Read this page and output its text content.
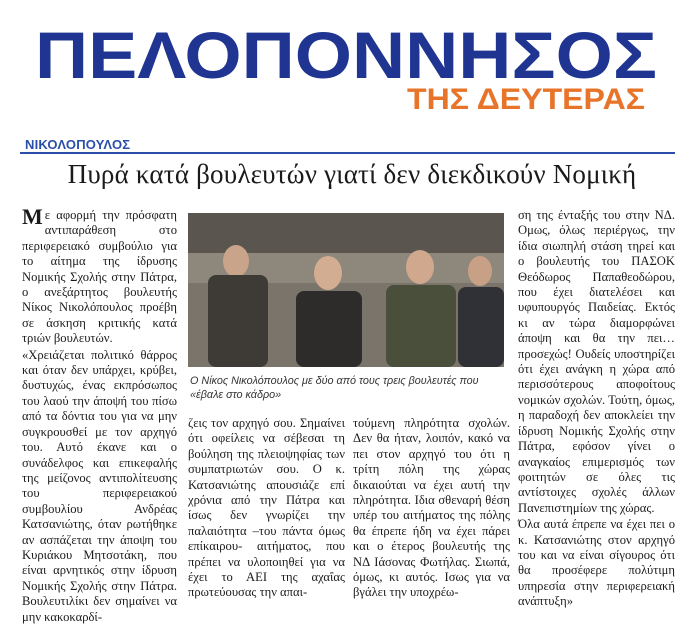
ΠΕΛΟΠΟΝΝΗΣΟΣ
ΤΗΣ ΔΕΥΤΕΡΑΣ
ΝΙΚΟΛΟΠΟΥΛΟΣ
Πυρά κατά βουλευτών γιατί δεν διεκδικούν Νομική

Με αφορμή την πρόσφατη αντιπαράθεση στο περιφερειακό συμβούλιο για το αίτημα της ίδρυσης Νομικής Σχολής στην Πάτρα, ο ανεξάρτητος βουλευτής Νίκος Νικολόπουλος προέβη σε άσκηση κριτικής κατά τριών βουλευτών.

«Χρειάζεται πολιτικό θάρρος και όταν δεν υπάρχει, κρύβει, δυστυχώς, ένας εκπρόσωπος του λαού την άποψή του πίσω από τα δόντια του για να μην συγκρουσθεί με τον αρχηγό του. Αυτό έκανε και ο συνάδελφος και επικεφαλής της μείζονος αντιπολίτευσης του περιφερειακού συμβουλίου Ανδρέας Κατσανιώτης, όταν ρωτήθηκε αν ασπάζεται την άποψη του Κυριάκου Μητσοτάκη, που είναι αρνητικός στην ίδρυση Νομικής Σχολής στην Πάτρα. Βουλευτιλίκι δεν σημαίνει να μην κακοκαρδί-

Ο Νίκος Νικολόπουλος με δύο από τους τρεις βουλευτές που «έβαλε στο κάδρο»

ζεις τον αρχηγό σου. Σημαίνει ότι οφείλεις να σέβεσαι τη βούληση της πλειοψηφίας των συμπατριωτών σου. Ο κ. Κατσανιώτης απουσιάζε επί χρόνια από την Πάτρα και ίσως δεν γνωρίζει την παλαιότητα –του πάντα όμως επίκαιρου- αιτήματος, που πρέπει να υλοποιηθεί για να έχει το ΑΕΙ της αχαΐας πρωτεύουσας την απαι-

τούμενη πληρότητα σχολών. Δεν θα ήταν, λοιπόν, κακό να πει στον αρχηγό του ότι η τρίτη πόλη της χώρας δικαιούται να έχει αυτή την πληρότητα. Ιδια σθεναρή θέση υπέρ του αιτήματος της πόλης θα έπρεπε ήδη να έχει πάρει και ο έτερος βουλευτής της ΝΔ Ιάσονας Φωτήλας. Σιωπά, όμως, κι αυτός. Ισως για να βγάλει την υποχρέω-

ση της ένταξής του στην ΝΔ. Ομως, όλως περιέργως, την ίδια σιωπηλή στάση τηρεί και ο βουλευτής του ΠΑΣΟΚ Θεόδωρος Παπαθεοδώρου, που έχει διατελέσει και υφυπουργός Παιδείας. Εκτός κι αν τώρα διαμορφώνει άποψη και θα την πει… προσεχώς! Ουδείς υποστηρίζει ότι έχει ανάγκη η χώρα από περισσότερους αποφοίτους νομικών σχολών. Τούτη, όμως, η παραδοχή δεν αποκλείει την ίδρυση Νομικής Σχολής στην Πάτρα, εφόσον γίνει ο αναγκαίος επιμερισμός των φοιτητών σε όλες τις αντίστοιχες σχολές άλλων Πανεπιστημίων της χώρας.

Όλα αυτά έπρεπε να έχει πει ο κ. Κατσανιώτης στον αρχηγό του και να είναι σίγουρος ότι θα προσέφερε πολύτιμη υπηρεσία στην περιφερειακή ανάπτυξη»
